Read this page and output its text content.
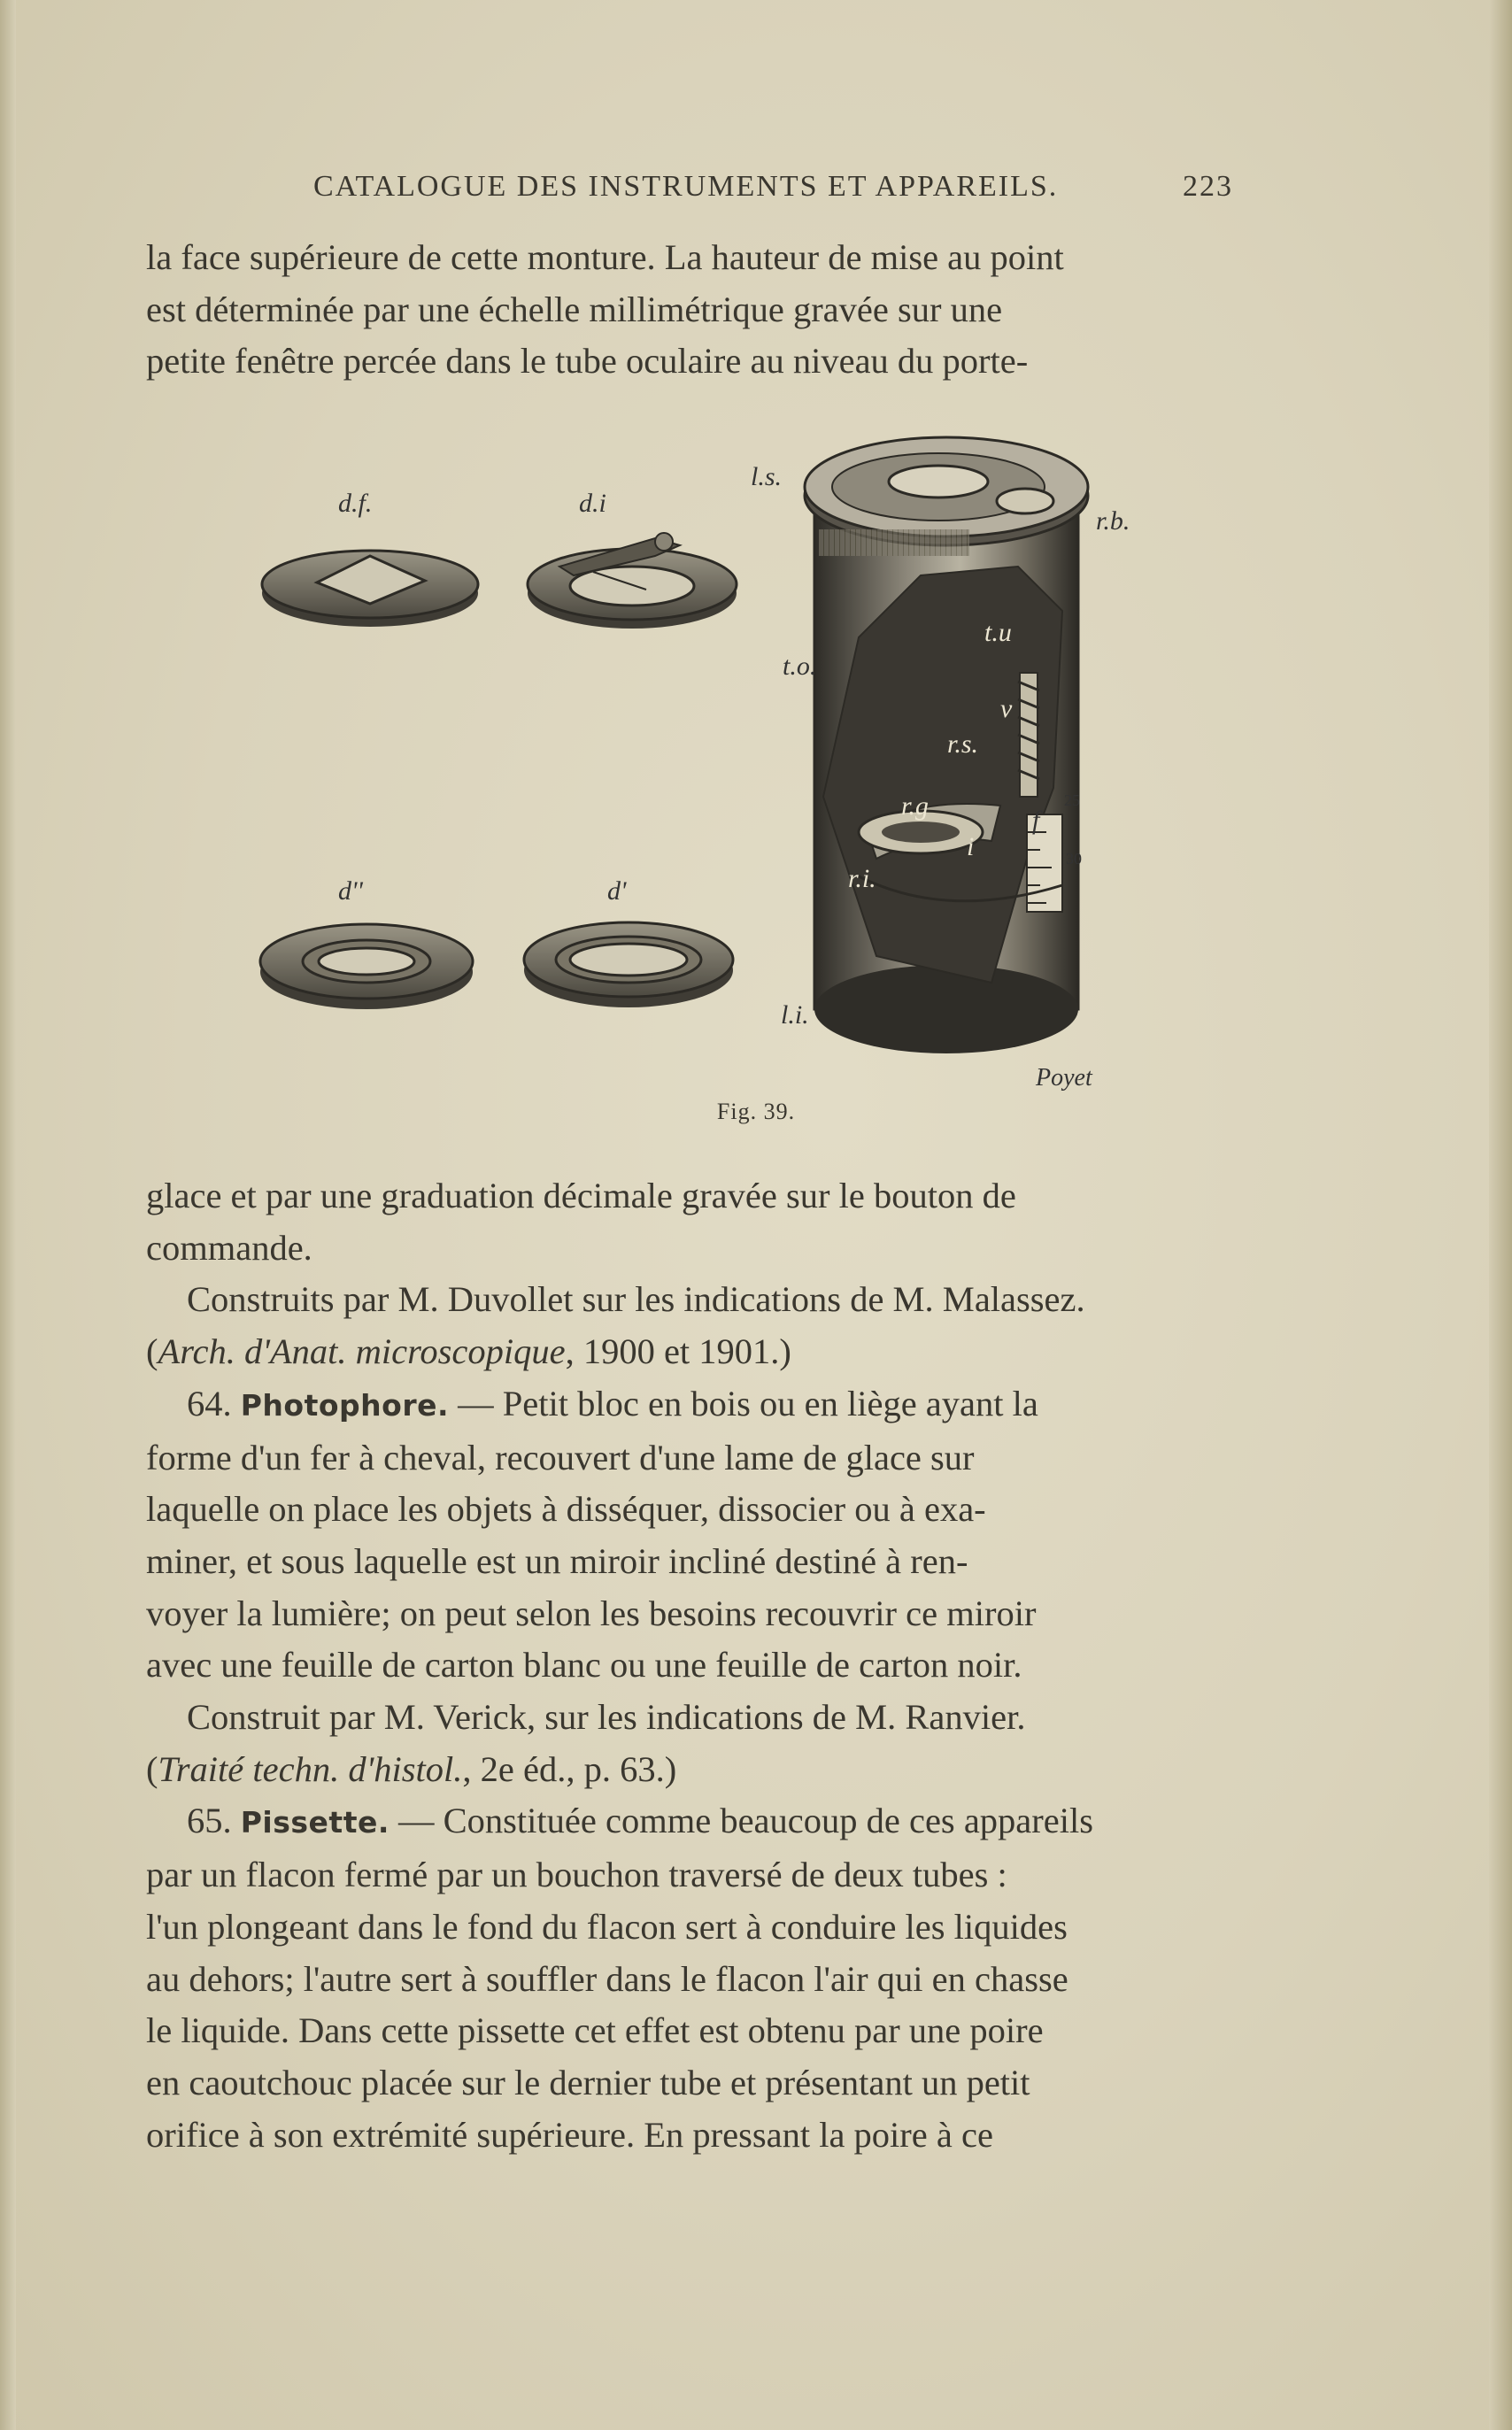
CATALOGUE DES INSTRUMENTS ET APPAREILS.	223

la face supérieure de cette monture. La hauteur de mise au point

est déterminée par une échelle millimétrique gravée sur une

petite fenêtre percée dans le tube oculaire au niveau du porte-

d.f.	d.i
d''	d'
l.s.
r.b.
t.u
t.o.
v
r.s.
r.g	f
i
r.i.
l.i.
25
30
Poyet
Fig. 39.

glace et par une graduation décimale gravée sur le bouton de

commande.

Construits par M. Duvollet sur les indications de M. Malassez.

(Arch. d'Anat. microscopique, 1900 et 1901.)

64. Photophore. — Petit bloc en bois ou en liège ayant la

forme d'un fer à cheval, recouvert d'une lame de glace sur

laquelle on place les objets à disséquer, dissocier ou à exa-

miner, et sous laquelle est un miroir incliné destiné à ren-

voyer la lumière; on peut selon les besoins recouvrir ce miroir

avec une feuille de carton blanc ou une feuille de carton noir.

Construit par M. Verick, sur les indications de M. Ranvier.

(Traité techn. d'histol., 2e éd., p. 63.)

65. Pissette. — Constituée comme beaucoup de ces appareils

par un flacon fermé par un bouchon traversé de deux tubes :

l'un plongeant dans le fond du flacon sert à conduire les liquides

au dehors; l'autre sert à souffler dans le flacon l'air qui en chasse

le liquide. Dans cette pissette cet effet est obtenu par une poire

en caoutchouc placée sur le dernier tube et présentant un petit

orifice à son extrémité supérieure. En pressant la poire à ce
